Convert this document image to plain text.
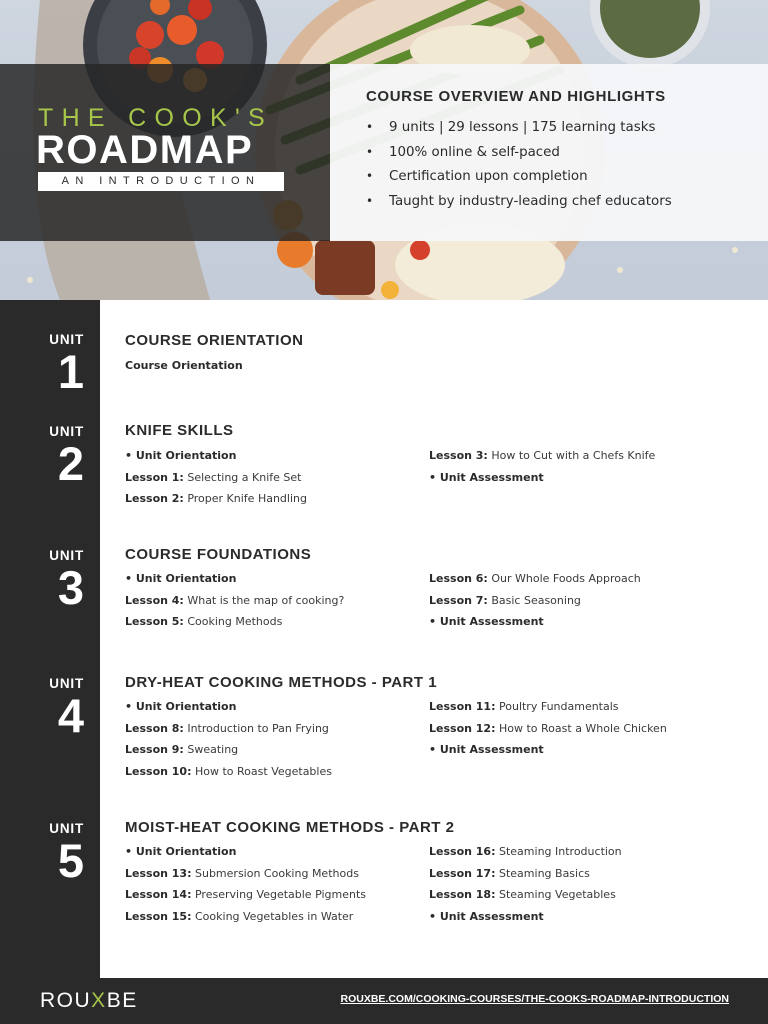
THE COOK'S
ROADMAP
AN INTRODUCTION
COURSE OVERVIEW AND HIGHLIGHTS
• 9 units | 29 lessons | 175 learning tasks
• 100% online & self-paced
• Certification upon completion
• Taught by industry-leading chef educators
UNIT
1
COURSE ORIENTATION
Course Orientation
UNIT
2
KNIFE SKILLS
• Unit Orientation
Lesson 1: Selecting a Knife Set
Lesson 2: Proper Knife Handling
Lesson 3: How to Cut with a Chefs Knife
• Unit Assessment
UNIT
3
COURSE FOUNDATIONS
• Unit Orientation
Lesson 4: What is the map of cooking?
Lesson 5: Cooking Methods
Lesson 6: Our Whole Foods Approach
Lesson 7: Basic Seasoning
• Unit Assessment
UNIT
4
DRY-HEAT COOKING METHODS - PART 1
• Unit Orientation
Lesson 8: Introduction to Pan Frying
Lesson 9: Sweating
Lesson 10: How to Roast Vegetables
Lesson 11: Poultry Fundamentals
Lesson 12: How to Roast a Whole Chicken
• Unit Assessment
UNIT
5
MOIST-HEAT COOKING METHODS - PART 2
• Unit Orientation
Lesson 13: Submersion Cooking Methods
Lesson 14: Preserving Vegetable Pigments
Lesson 15: Cooking Vegetables in Water
Lesson 16: Steaming Introduction
Lesson 17: Steaming Basics
Lesson 18: Steaming Vegetables
• Unit Assessment
ROUXBE	ROUXBE.COM/COOKING-COURSES/THE-COOKS-ROADMAP-INTRODUCTION
